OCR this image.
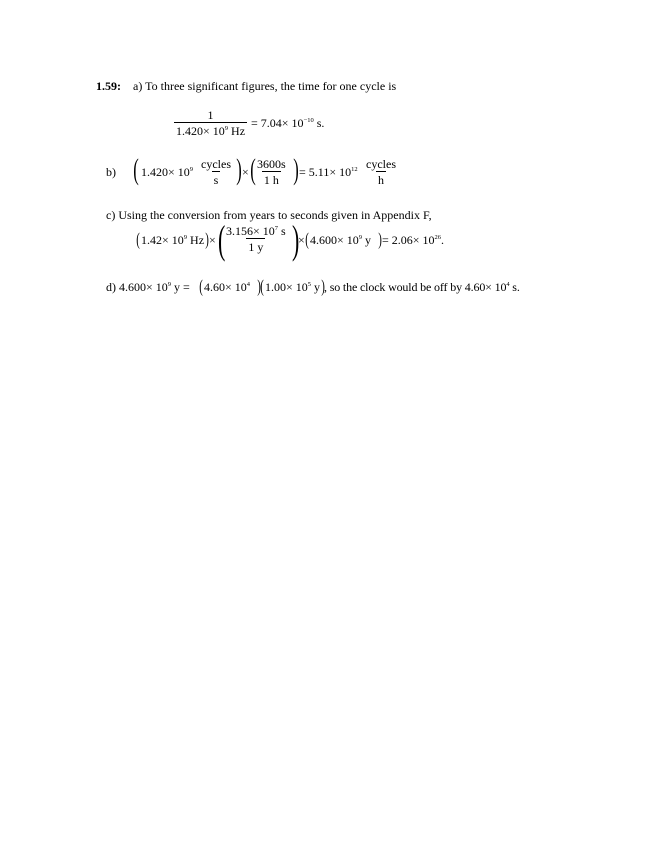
1.59: a) To three significant figures, the time for one cycle is
$\frac{1}{1.420\times 10^9 Hz} = 7.04\times 10^{-10}$ s.
b) ( $1.420\times 10^9$ cycles
s ) × ( $\frac{3600s}{1 h}$ ) = $5.11\times 10^{12}$ cycles
h
c) Using the conversion from years to seconds given in Appendix F,
( $1.42\times 10^9$ Hz ) × (
$\frac{3.156\times 10^7 s}{1 y}$ )
× ( $4.600\times 10^9$ y ) = $2.06\times 10^{26}$.
d) $4.600\times 10^9$ y = ( $4.60\times 10^4$ ) ( $1.00\times 10^5$ y ) , so the clock would be off by $4.60\times 10^4$ s.
